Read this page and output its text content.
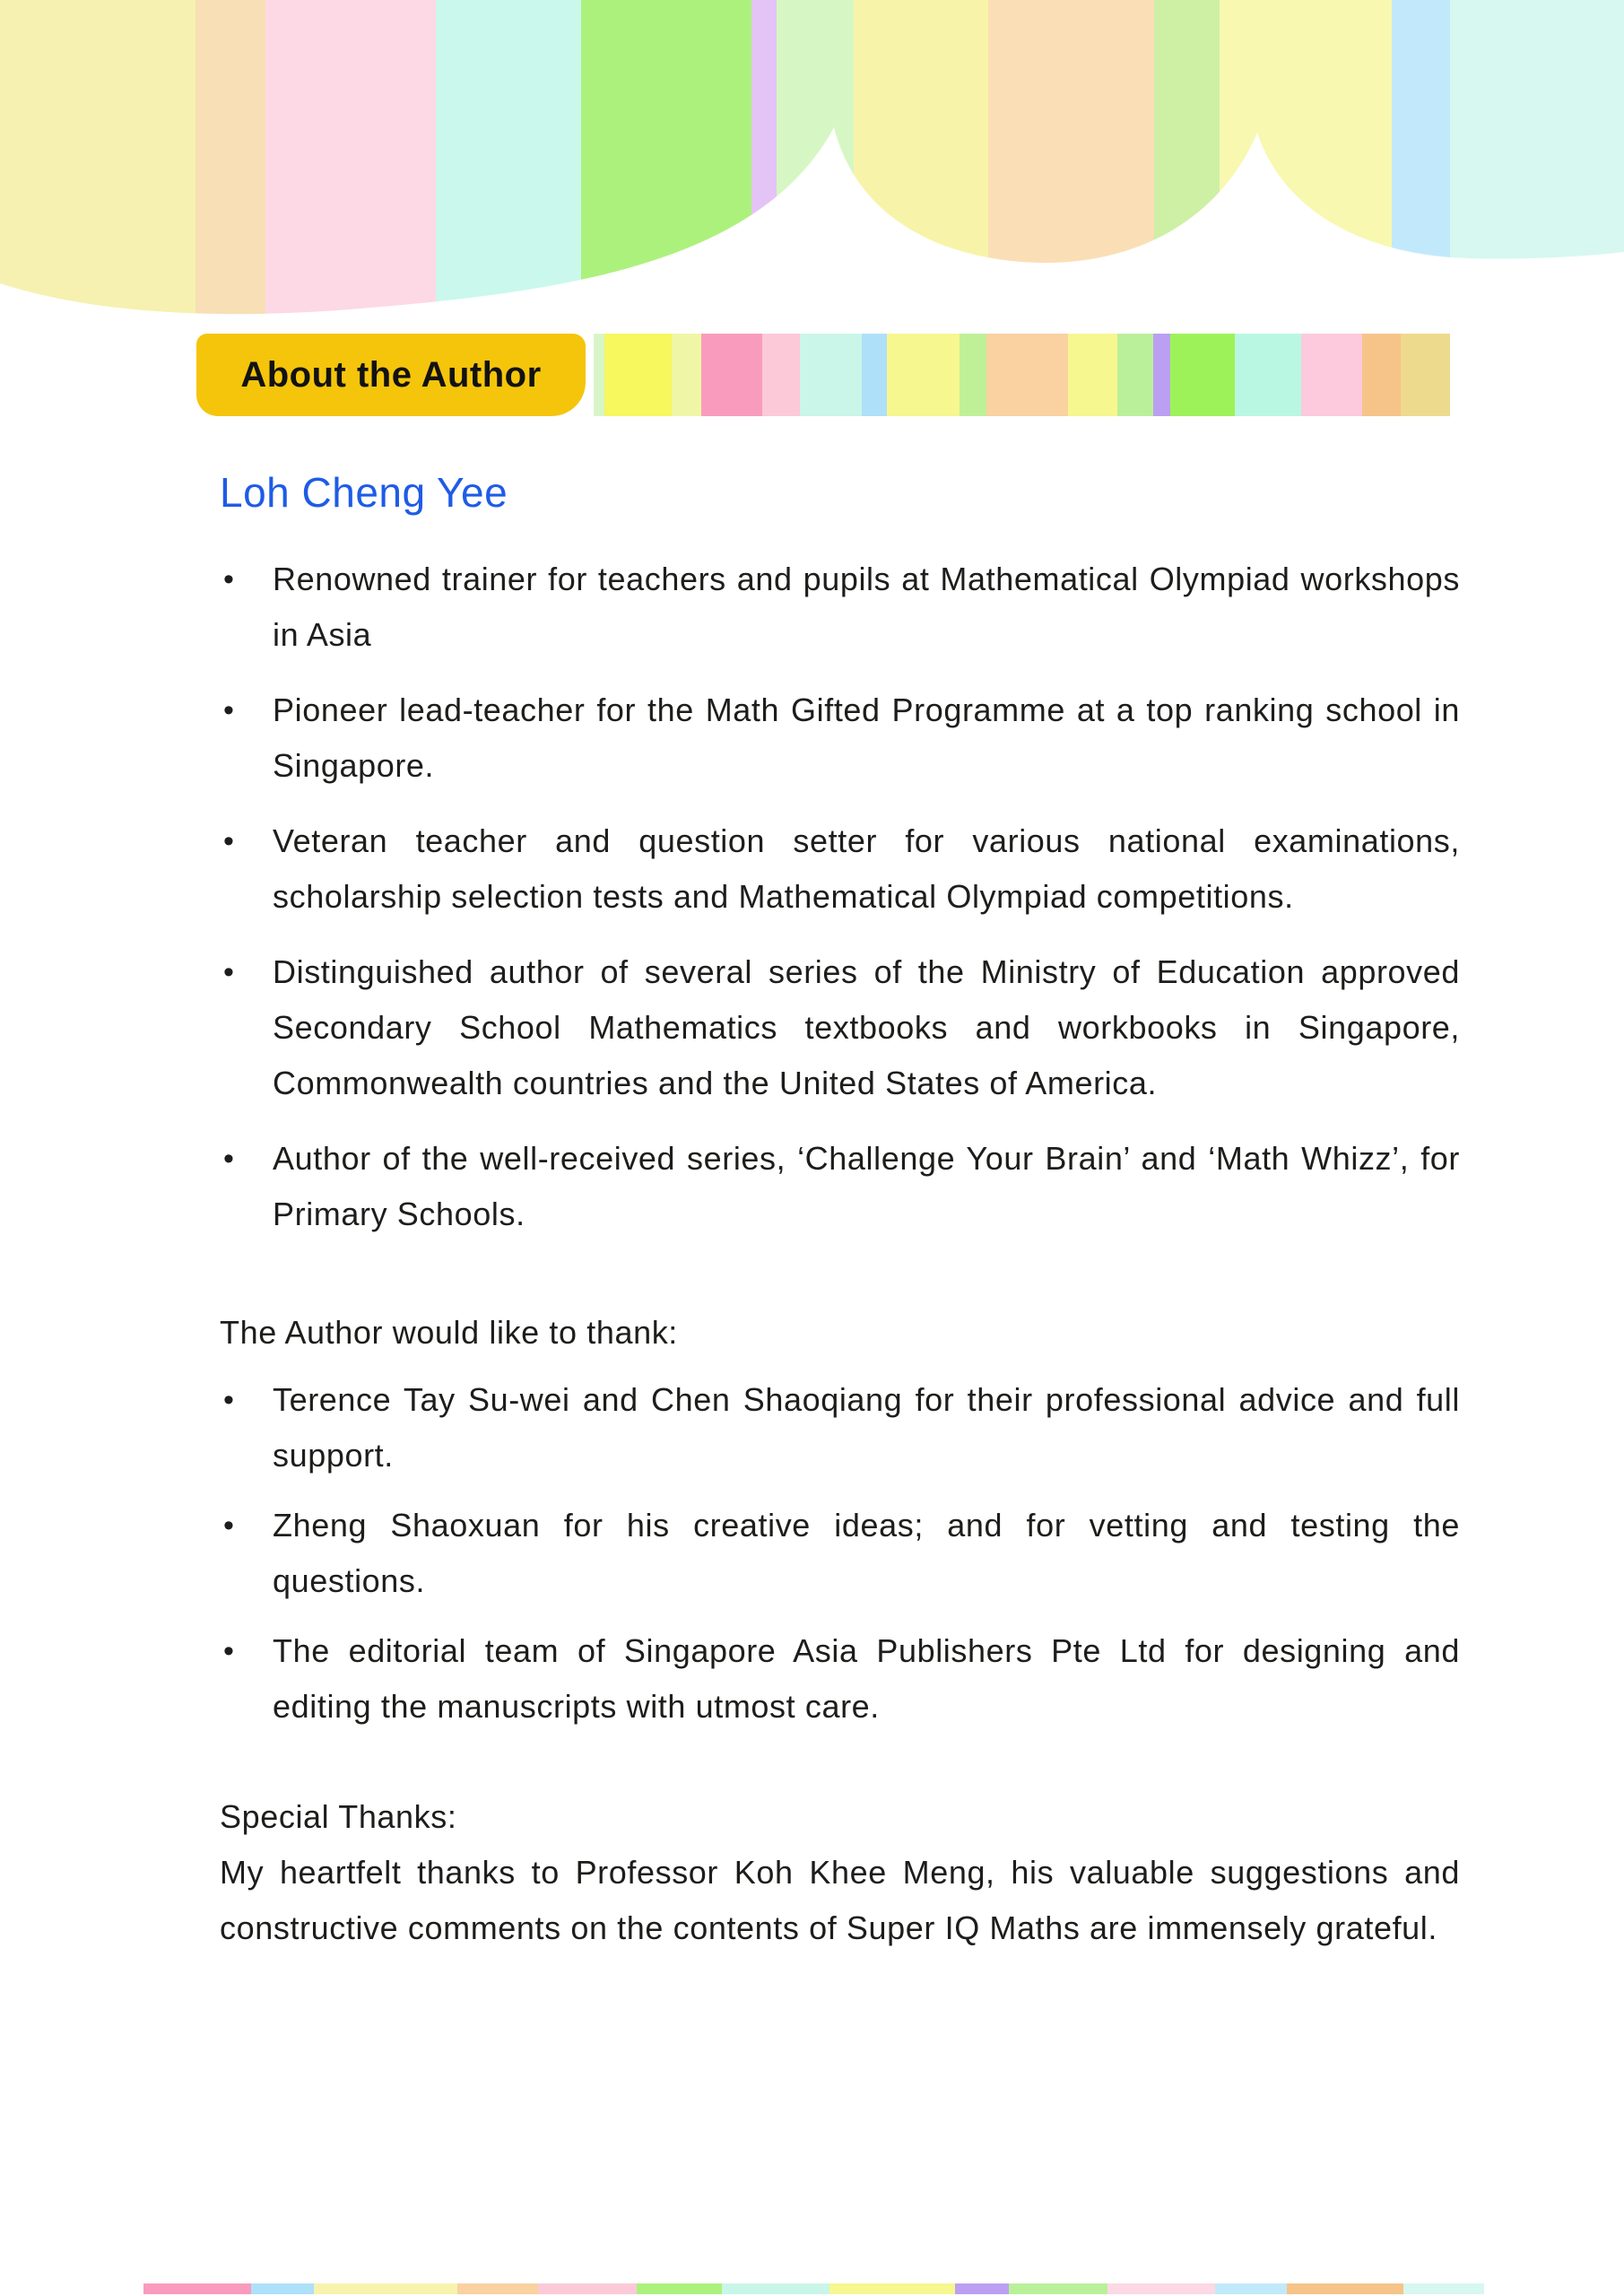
About the Author
Loh Cheng Yee
• Renowned trainer for teachers and pupils at Mathematical Olympiad workshops in Asia
• Pioneer lead-teacher for the Math Gifted Programme at a top ranking school in Singapore.
• Veteran teacher and question setter for various national examinations, scholarship selection tests and Mathematical Olympiad competitions.
• Distinguished author of several series of the Ministry of Education approved Secondary School Mathematics textbooks and workbooks in Singapore, Commonwealth countries and the United States of America.
• Author of the well-received series, ‘Challenge Your Brain’ and ‘Math Whizz’, for Primary Schools.
The Author would like to thank:
• Terence Tay Su-wei and Chen Shaoqiang for their professional advice and full support.
• Zheng Shaoxuan for his creative ideas; and for vetting and testing the questions.
• The editorial team of Singapore Asia Publishers Pte Ltd for designing and editing the manuscripts with utmost care.
Special Thanks:
My heartfelt thanks to Professor Koh Khee Meng, his valuable suggestions and constructive comments on the contents of Super IQ Maths are immensely grateful.
